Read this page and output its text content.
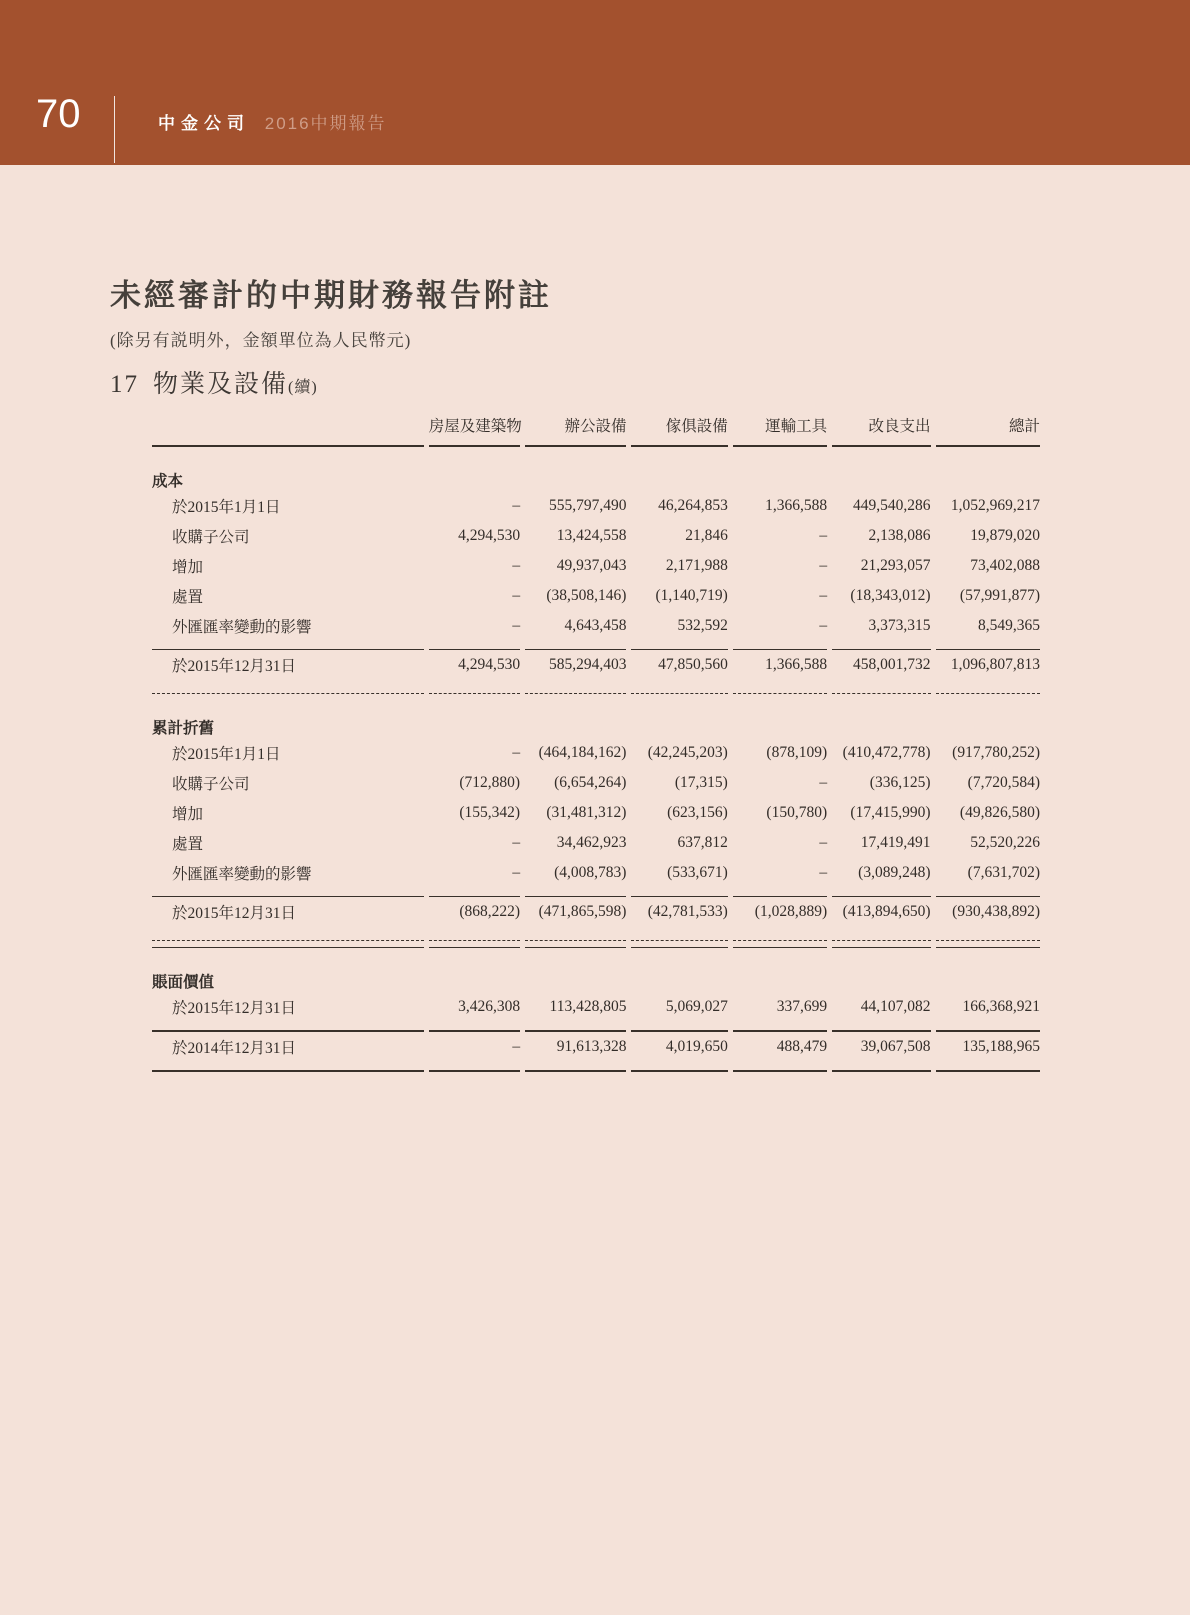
70	中金公司 2016中期報告
未經審計的中期財務報告附註
(除另有説明外，金額單位為人民幣元)
17 物業及設備(續)
	房屋及建築物	辦公設備	傢俱設備	運輸工具	改良支出	總計
成本						
於2015年1月1日	–	555,797,490	46,264,853	1,366,588	449,540,286	1,052,969,217
收購子公司	4,294,530	13,424,558	21,846	–	2,138,086	19,879,020
增加	–	49,937,043	2,171,988	–	21,293,057	73,402,088
處置	–	(38,508,146)	(1,140,719)	–	(18,343,012)	(57,991,877)
外匯匯率變動的影響	–	4,643,458	532,592	–	3,373,315	8,549,365

於2015年12月31日	4,294,530	585,294,403	47,850,560	1,366,588	458,001,732	1,096,807,813

累計折舊						
於2015年1月1日	–	(464,184,162)	(42,245,203)	(878,109)	(410,472,778)	(917,780,252)
收購子公司	(712,880)	(6,654,264)	(17,315)	–	(336,125)	(7,720,584)
增加	(155,342)	(31,481,312)	(623,156)	(150,780)	(17,415,990)	(49,826,580)
處置	–	34,462,923	637,812	–	17,419,491	52,520,226
外匯匯率變動的影響	–	(4,008,783)	(533,671)	–	(3,089,248)	(7,631,702)

於2015年12月31日	(868,222)	(471,865,598)	(42,781,533)	(1,028,889)	(413,894,650)	(930,438,892)

賬面價值						
於2015年12月31日	3,426,308	113,428,805	5,069,027	337,699	44,107,082	166,368,921

於2014年12月31日	–	91,613,328	4,019,650	488,479	39,067,508	135,188,965
